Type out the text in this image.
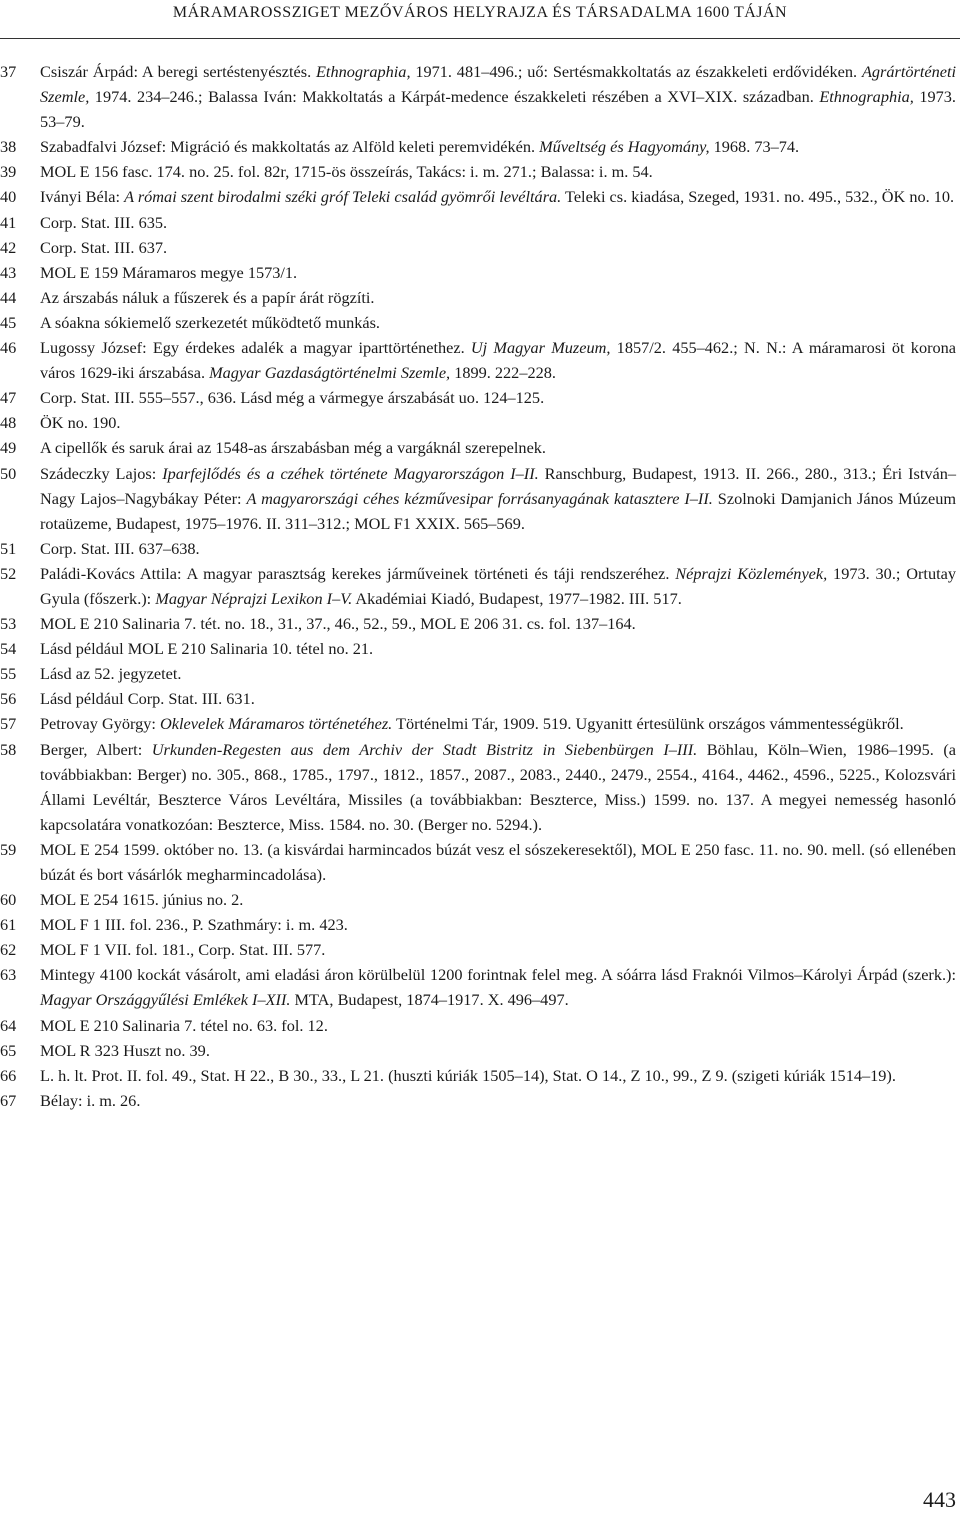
MÁRAMAROSSZIGET MEZŐVÁROS HELYRAJZA ÉS TÁRSADALMA 1600 TÁJÁN
37	Csiszár Árpád: A beregi sertéstenyésztés. Ethnographia, 1971. 481–496.; uő: Sertésmakkoltatás az északkeleti erdővidéken. Agrártörténeti Szemle, 1974. 234–246.; Balassa Iván: Makkoltatás a Kárpát-medence északkeleti részében a XVI–XIX. században. Ethnographia, 1973. 53–79.
38	Szabadfalvi József: Migráció és makkoltatás az Alföld keleti peremvidékén. Műveltség és Hagyomány, 1968. 73–74.
39	MOL E 156 fasc. 174. no. 25. fol. 82r, 1715-ös összeírás, Takács: i. m. 271.; Balassa: i. m. 54.
40	Iványi Béla: A római szent birodalmi széki gróf Teleki család gyömrői levéltára. Teleki cs. kiadása, Szeged, 1931. no. 495., 532., ÖK no. 10.
41	Corp. Stat. III. 635.
42	Corp. Stat. III. 637.
43	MOL E 159 Máramaros megye 1573/1.
44	Az árszabás náluk a fűszerek és a papír árát rögzíti.
45	A sóakna sókiemelő szerkezetét működtető munkás.
46	Lugossy József: Egy érdekes adalék a magyar iparttörténethez. Uj Magyar Muzeum, 1857/2. 455–462.; N. N.: A máramarosi öt korona város 1629-iki árszabása. Magyar Gazdaságtörténelmi Szemle, 1899. 222–228.
47	Corp. Stat. III. 555–557., 636. Lásd még a vármegye árszabását uo. 124–125.
48	ÖK no. 190.
49	A cipellők és saruk árai az 1548-as árszabásban még a vargáknál szerepelnek.
50	Szádeczky Lajos: Iparfejlődés és a czéhek története Magyarországon I–II. Ranschburg, Budapest, 1913. II. 266., 280., 313.; Éri István–Nagy Lajos–Nagybákay Péter: A magyarországi céhes kézművesipar forrásanyagának katasztere I–II. Szolnoki Damjanich János Múzeum rotaüzeme, Budapest, 1975–1976. II. 311–312.; MOL F1 XXIX. 565–569.
51	Corp. Stat. III. 637–638.
52	Paládi-Kovács Attila: A magyar parasztság kerekes járműveinek történeti és táji rendszeréhez. Néprajzi Közlemények, 1973. 30.; Ortutay Gyula (főszerk.): Magyar Néprajzi Lexikon I–V. Akadémiai Kiadó, Budapest, 1977–1982. III. 517.
53	MOL E 210 Salinaria 7. tét. no. 18., 31., 37., 46., 52., 59., MOL E 206 31. cs. fol. 137–164.
54	Lásd például MOL E 210 Salinaria 10. tétel no. 21.
55	Lásd az 52. jegyzetet.
56	Lásd például Corp. Stat. III. 631.
57	Petrovay György: Oklevelek Máramaros történetéhez. Történelmi Tár, 1909. 519. Ugyanitt értesülünk országos vámmentességükről.
58	Berger, Albert: Urkunden-Regesten aus dem Archiv der Stadt Bistritz in Siebenbürgen I–III. Böhlau, Köln–Wien, 1986–1995. (a továbbiakban: Berger) no. 305., 868., 1785., 1797., 1812., 1857., 2087., 2083., 2440., 2479., 2554., 4164., 4462., 4596., 5225., Kolozsvári Állami Levéltár, Beszterce Város Levéltára, Missiles (a továbbiakban: Beszterce, Miss.) 1599. no. 137. A megyei nemesség hasonló kapcsolatára vonatkozóan: Beszterce, Miss. 1584. no. 30. (Berger no. 5294.).
59	MOL E 254 1599. október no. 13. (a kisvárdai harmincados búzát vesz el sószekeresektől), MOL E 250 fasc. 11. no. 90. mell. (só ellenében búzát és bort vásárlók megharmincadolása).
60	MOL E 254 1615. június no. 2.
61	MOL F 1 III. fol. 236., P. Szathmáry: i. m. 423.
62	MOL F 1 VII. fol. 181., Corp. Stat. III. 577.
63	Mintegy 4100 kockát vásárolt, ami eladási áron körülbelül 1200 forintnak felel meg. A sóárra lásd Fraknói Vilmos–Károlyi Árpád (szerk.): Magyar Országgyűlési Emlékek I–XII. MTA, Budapest, 1874–1917. X. 496–497.
64	MOL E 210 Salinaria 7. tétel no. 63. fol. 12.
65	MOL R 323 Huszt no. 39.
66	L. h. lt. Prot. II. fol. 49., Stat. H 22., B 30., 33., L 21. (huszti kúriák 1505–14), Stat. O 14., Z 10., 99., Z 9. (szigeti kúriák 1514–19).
67	Bélay: i. m. 26.
443
